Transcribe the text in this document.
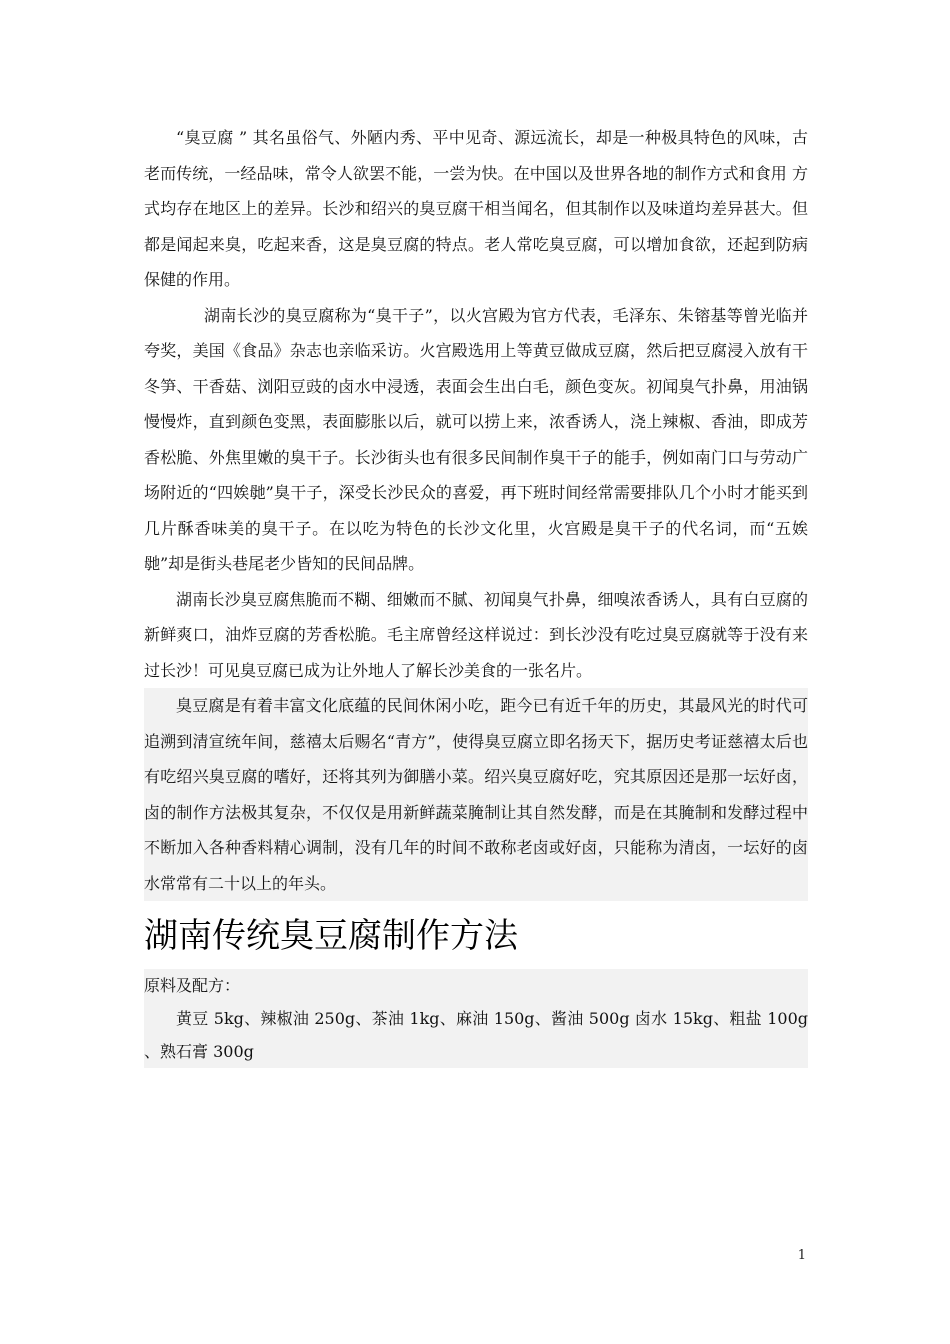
“臭豆腐 ” 其名虽俗气、外陋内秀、平中见奇、源远流长，却是一种极具特色的风味，古老而传统，一经品味，常令人欲罢不能，一尝为快。在中国以及世界各地的制作方式和食用 方式均存在地区上的差异。长沙和绍兴的臭豆腐干相当闻名，但其制作以及味道均差异甚大。但都是闻起来臭，吃起来香，这是臭豆腐的特点。老人常吃臭豆腐，可以增加食欲，还起到防病保健的作用。

湖南长沙的臭豆腐称为“臭干子”，以火宫殿为官方代表，毛泽东、朱镕基等曾光临并夸奖，美国《食品》杂志也亲临采访。火宫殿选用上等黄豆做成豆腐，然后把豆腐浸入放有干冬笋、干香菇、浏阳豆豉的卤水中浸透，表面会生出白毛，颜色变灰。初闻臭气扑鼻，用油锅慢慢炸，直到颜色变黑，表面膨胀以后，就可以捞上来，浓香诱人，浇上辣椒、香油，即成芳香松脆、外焦里嫩的臭干子。长沙街头也有很多民间制作臭干子的能手，例如南门口与劳动广场附近的“四娭毑”臭干子，深受长沙民众的喜爱，再下班时间经常需要排队几个小时才能买到几片酥香味美的臭干子。在以吃为特色的长沙文化里，火宫殿是臭干子的代名词，而“五娭毑”却是街头巷尾老少皆知的民间品牌。

湖南长沙臭豆腐焦脆而不糊、细嫩而不腻、初闻臭气扑鼻，细嗅浓香诱人，具有白豆腐的新鲜爽口，油炸豆腐的芳香松脆。毛主席曾经这样说过：到长沙没有吃过臭豆腐就等于没有来过长沙！可见臭豆腐已成为让外地人了解长沙美食的一张名片。

臭豆腐是有着丰富文化底蕴的民间休闲小吃，距今已有近千年的历史，其最风光的时代可追溯到清宣统年间，慈禧太后赐名“青方”，使得臭豆腐立即名扬天下，据历史考证慈禧太后也有吃绍兴臭豆腐的嗜好，还将其列为御膳小菜。绍兴臭豆腐好吃，究其原因还是那一坛好卤，卤的制作方法极其复杂，不仅仅是用新鲜蔬菜腌制让其自然发酵，而是在其腌制和发酵过程中不断加入各种香料精心调制，没有几年的时间不敢称老卤或好卤，只能称为清卤，一坛好的卤水常常有二十以上的年头。

湖南传统臭豆腐制作方法

原料及配方：

黄豆 5kg、辣椒油 250g、茶油 1kg、麻油 150g、酱油 500g 卤水 15kg、粗盐 100g 、熟石膏 300g

1
